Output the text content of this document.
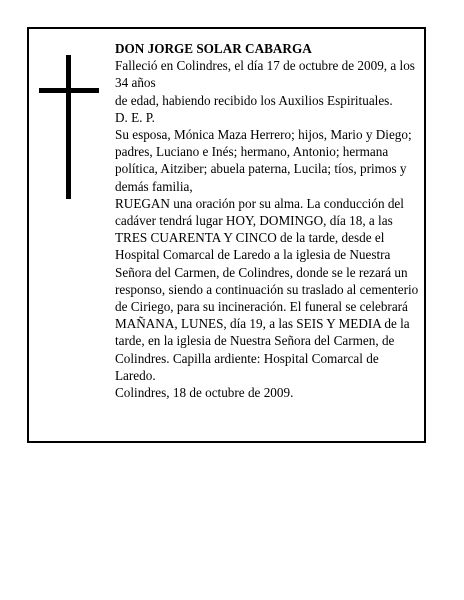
DON JORGE SOLAR CABARGA

Falleció en Colindres, el día 17 de octubre de 2009, a los 34 años

de edad, habiendo recibido los Auxilios Espirituales.

D. E. P.

Su esposa, Mónica Maza Herrero; hijos, Mario y Diego; padres, Luciano e Inés; hermano, Antonio; hermana política, Aitziber; abuela paterna, Lucila; tíos, primos y demás familia,

RUEGAN una oración por su alma. La conducción del cadáver tendrá lugar HOY, DOMINGO, día 18, a las TRES CUARENTA Y CINCO de la tarde, desde el Hospital Comarcal de Laredo a la iglesia de Nuestra Señora del Carmen, de Colindres, donde se le rezará un responso, siendo a continuación su traslado al cementerio de Ciriego, para su incineración. El funeral se celebrará MAÑANA, LUNES, día 19, a las SEIS Y MEDIA de la tarde, en la iglesia de Nuestra Señora del Carmen, de Colindres. Capilla ardiente: Hospital Comarcal de Laredo.

Colindres, 18 de octubre de 2009.
